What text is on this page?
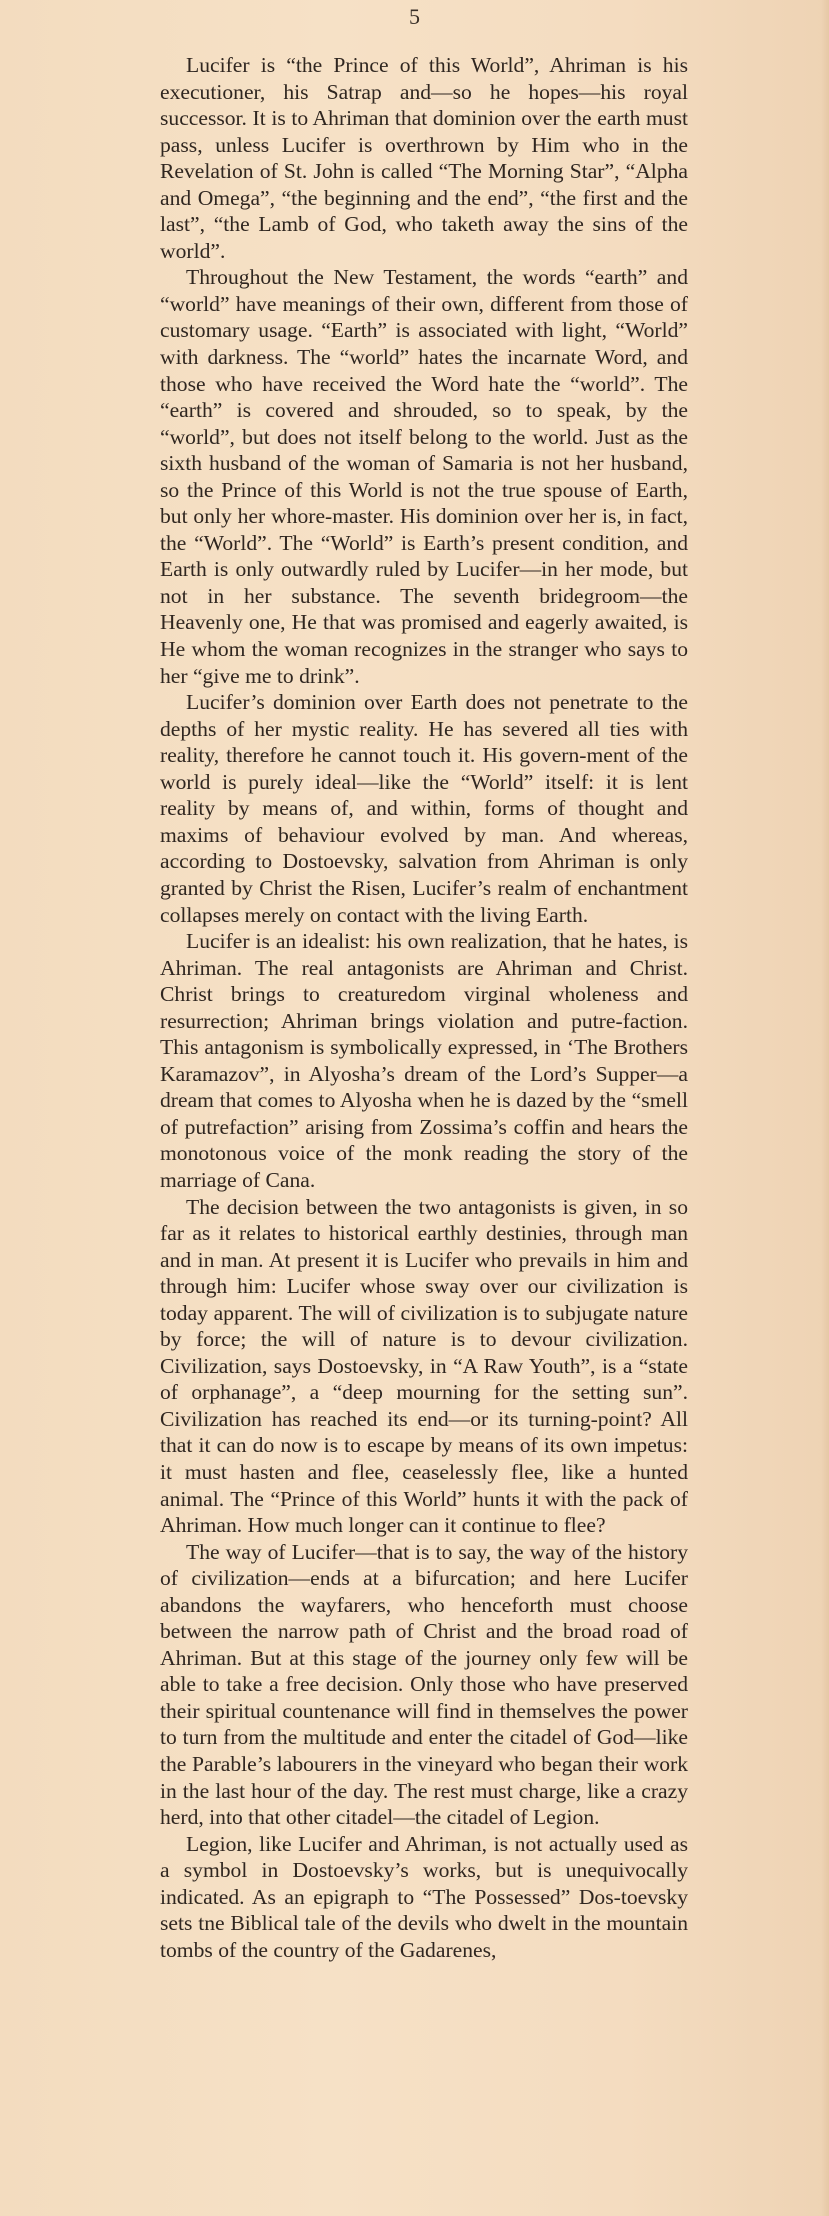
5

Lucifer is “the Prince of this World”, Ahriman is his executioner, his Satrap and—so he hopes—his royal successor. It is to Ahriman that dominion over the earth must pass, unless Lucifer is overthrown by Him who in the Revelation of St. John is called “The Morning Star”, “Alpha and Omega”, “the beginning and the end”, “the first and the last”, “the Lamb of God, who taketh away the sins of the world”.

Throughout the New Testament, the words “earth” and “world” have meanings of their own, different from those of customary usage. “Earth” is associated with light, “World” with darkness. The “world” hates the incarnate Word, and those who have received the Word hate the “world”. The “earth” is covered and shrouded, so to speak, by the “world”, but does not itself belong to the world. Just as the sixth husband of the woman of Samaria is not her husband, so the Prince of this World is not the true spouse of Earth, but only her whore-master. His dominion over her is, in fact, the “World”. The “World” is Earth’s present condition, and Earth is only outwardly ruled by Lucifer—in her mode, but not in her substance. The seventh bridegroom—the Heavenly one, He that was promised and eagerly awaited, is He whom the woman recognizes in the stranger who says to her “give me to drink”.

Lucifer’s dominion over Earth does not penetrate to the depths of her mystic reality. He has severed all ties with reality, therefore he cannot touch it. His govern-ment of the world is purely ideal—like the “World” itself: it is lent reality by means of, and within, forms of thought and maxims of behaviour evolved by man. And whereas, according to Dostoevsky, salvation from Ahriman is only granted by Christ the Risen, Lucifer’s realm of enchantment collapses merely on contact with the living Earth.

Lucifer is an idealist: his own realization, that he hates, is Ahriman. The real antagonists are Ahriman and Christ. Christ brings to creaturedom virginal wholeness and resurrection; Ahriman brings violation and putre-faction. This antagonism is symbolically expressed, in ‘The Brothers Karamazov”, in Alyosha’s dream of the Lord’s Supper—a dream that comes to Alyosha when he is dazed by the “smell of putrefaction” arising from Zossima’s coffin and hears the monotonous voice of the monk reading the story of the marriage of Cana.

The decision between the two antagonists is given, in so far as it relates to historical earthly destinies, through man and in man. At present it is Lucifer who prevails in him and through him: Lucifer whose sway over our civilization is today apparent. The will of civilization is to subjugate nature by force; the will of nature is to devour civilization. Civilization, says Dostoevsky, in “A Raw Youth”, is a “state of orphanage”, a “deep mourning for the setting sun”. Civilization has reached its end—or its turning-point? All that it can do now is to escape by means of its own impetus: it must hasten and flee, ceaselessly flee, like a hunted animal. The “Prince of this World” hunts it with the pack of Ahriman. How much longer can it continue to flee?

The way of Lucifer—that is to say, the way of the history of civilization—ends at a bifurcation; and here Lucifer abandons the wayfarers, who henceforth must choose between the narrow path of Christ and the broad road of Ahriman. But at this stage of the journey only few will be able to take a free decision. Only those who have preserved their spiritual countenance will find in themselves the power to turn from the multitude and enter the citadel of God—like the Parable’s labourers in the vineyard who began their work in the last hour of the day. The rest must charge, like a crazy herd, into that other citadel—the citadel of Legion.

Legion, like Lucifer and Ahriman, is not actually used as a symbol in Dostoevsky’s works, but is unequivocally indicated. As an epigraph to “The Possessed” Dos-toevsky sets tne Biblical tale of the devils who dwelt in the mountain tombs of the country of the Gadarenes,
